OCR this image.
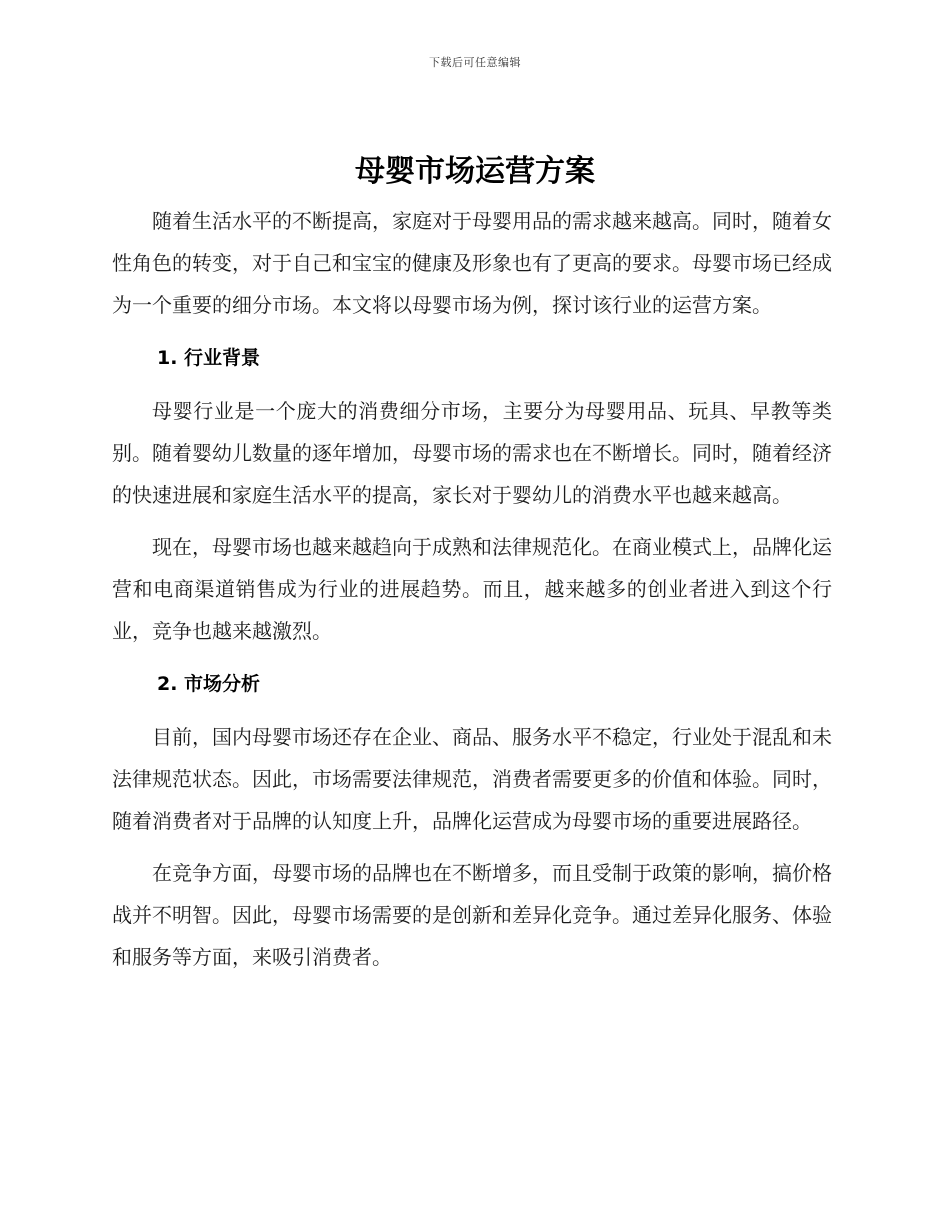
下载后可任意编辑
母婴市场运营方案

随着生活水平的不断提高，家庭对于母婴用品的需求越来越高。同时，随着女性角色的转变，对于自己和宝宝的健康及形象也有了更高的要求。母婴市场已经成为一个重要的细分市场。本文将以母婴市场为例，探讨该行业的运营方案。

1. 行业背景

母婴行业是一个庞大的消费细分市场，主要分为母婴用品、玩具、早教等类别。随着婴幼儿数量的逐年增加，母婴市场的需求也在不断增长。同时，随着经济的快速进展和家庭生活水平的提高，家长对于婴幼儿的消费水平也越来越高。

现在，母婴市场也越来越趋向于成熟和法律规范化。在商业模式上，品牌化运营和电商渠道销售成为行业的进展趋势。而且，越来越多的创业者进入到这个行业，竞争也越来越激烈。

2. 市场分析

目前，国内母婴市场还存在企业、商品、服务水平不稳定，行业处于混乱和未法律规范状态。因此，市场需要法律规范，消费者需要更多的价值和体验。同时，随着消费者对于品牌的认知度上升，品牌化运营成为母婴市场的重要进展路径。

在竞争方面，母婴市场的品牌也在不断增多，而且受制于政策的影响，搞价格战并不明智。因此，母婴市场需要的是创新和差异化竞争。通过差异化服务、体验和服务等方面，来吸引消费者。
